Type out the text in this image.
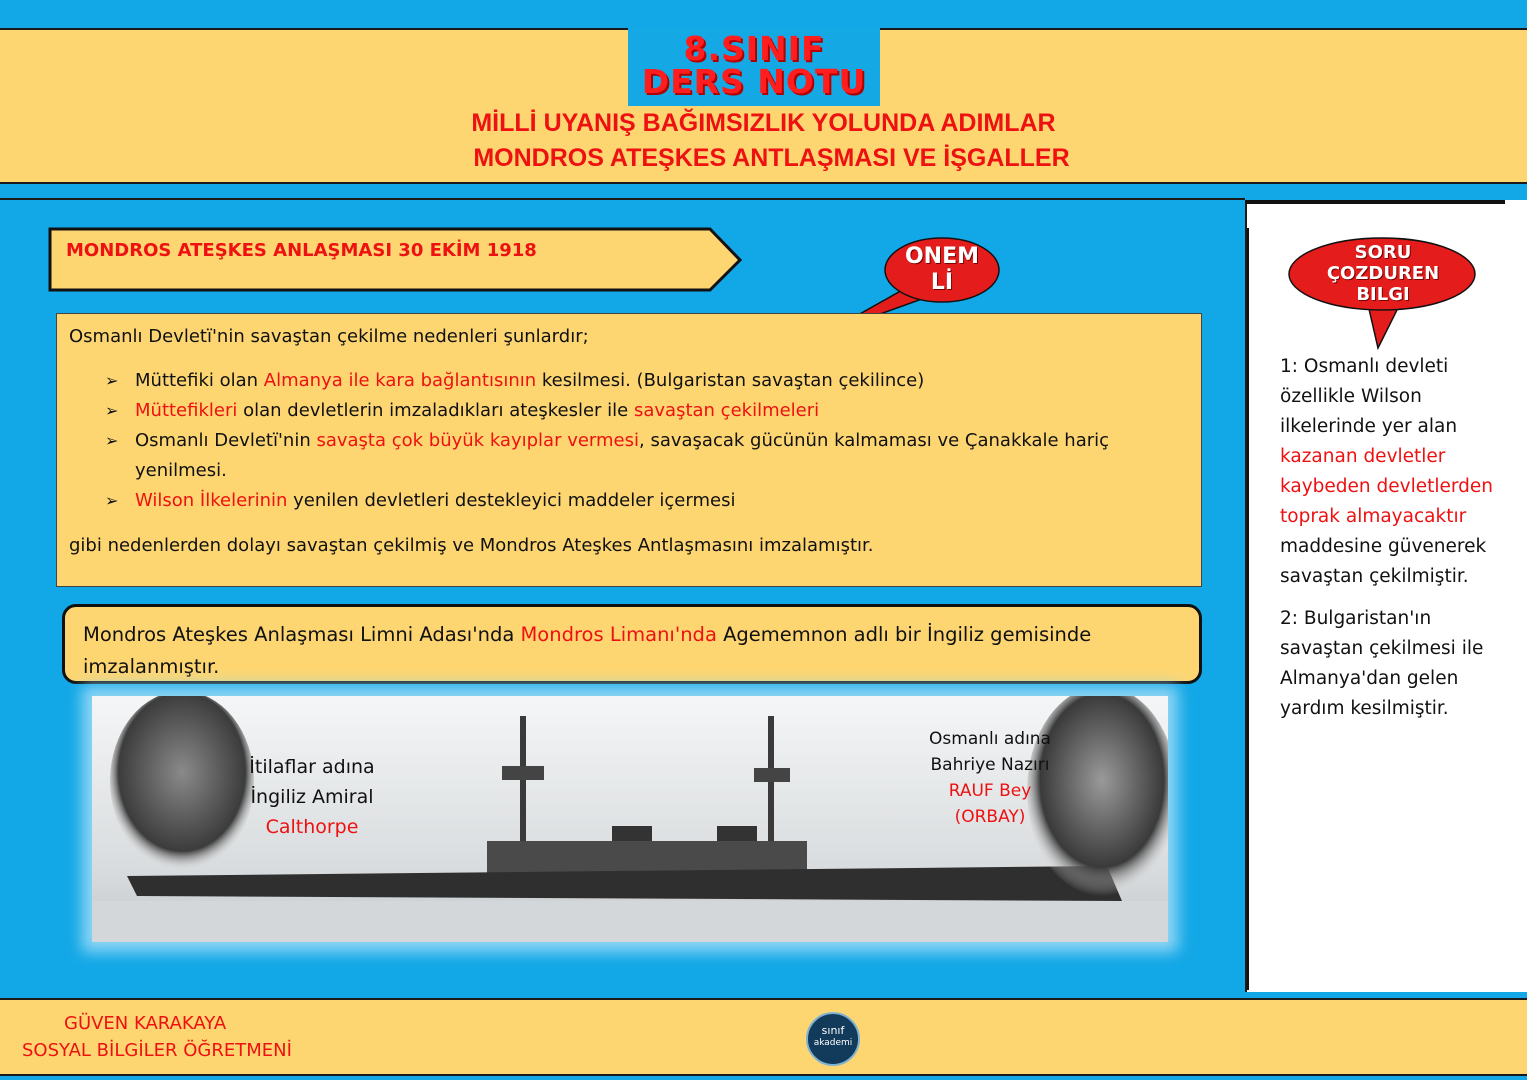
8.SINIF
DERS NOTU
MİLLİ UYANIŞ BAĞIMSIZLIK YOLUNDA ADIMLAR
MONDROS ATEŞKES ANTLAŞMASI VE İŞGALLER
MONDROS ATEŞKES ANLAŞMASI 30 EKİM 1918	ONEM
Lİ
Osmanlı Devletï'nin savaştan çekilme nedenleri şunlardır;
➢ Müttefiki olan Almanya ile kara bağlantısının kesilmesi. (Bulgaristan savaştan çekilince)
➢ Müttefikleri olan devletlerin imzaladıkları ateşkesler ile savaştan çekilmeleri
➢ Osmanlı Devletï'nin savaşta çok büyük kayıplar vermesi, savaşacak gücünün kalmaması ve Çanakkale hariç
yenilmesi.
➢ Wilson İlkelerinin yenilen devletleri destekleyici maddeler içermesi
gibi nedenlerden dolayı savaştan çekilmiş ve Mondros Ateşkes Antlaşmasını imzalamıştır.
Mondros Ateşkes Anlaşması Limni Adası'nda Mondros Limanı'nda Agememnon adlı bir İngiliz gemisinde
imzalanmıştır.
İtilaflar adına
İngiliz Amiral
Calthorpe
Osmanlı adına
Bahriye Nazırı
RAUF Bey
(ORBAY)
SORU
ÇOZDUREN
BILGI
1: Osmanlı devleti özellikle Wilson ilkelerinde yer alan kazanan devletler kaybeden devletlerden toprak almayacaktır maddesine güvenerek savaştan çekilmiştir.
2: Bulgaristan'ın savaştan çekilmesi ile Almanya'dan gelen yardım kesilmiştir.
GÜVEN KARAKAYA
SOSYAL BİLGİLER ÖĞRETMENİ
sınıf
akademi
